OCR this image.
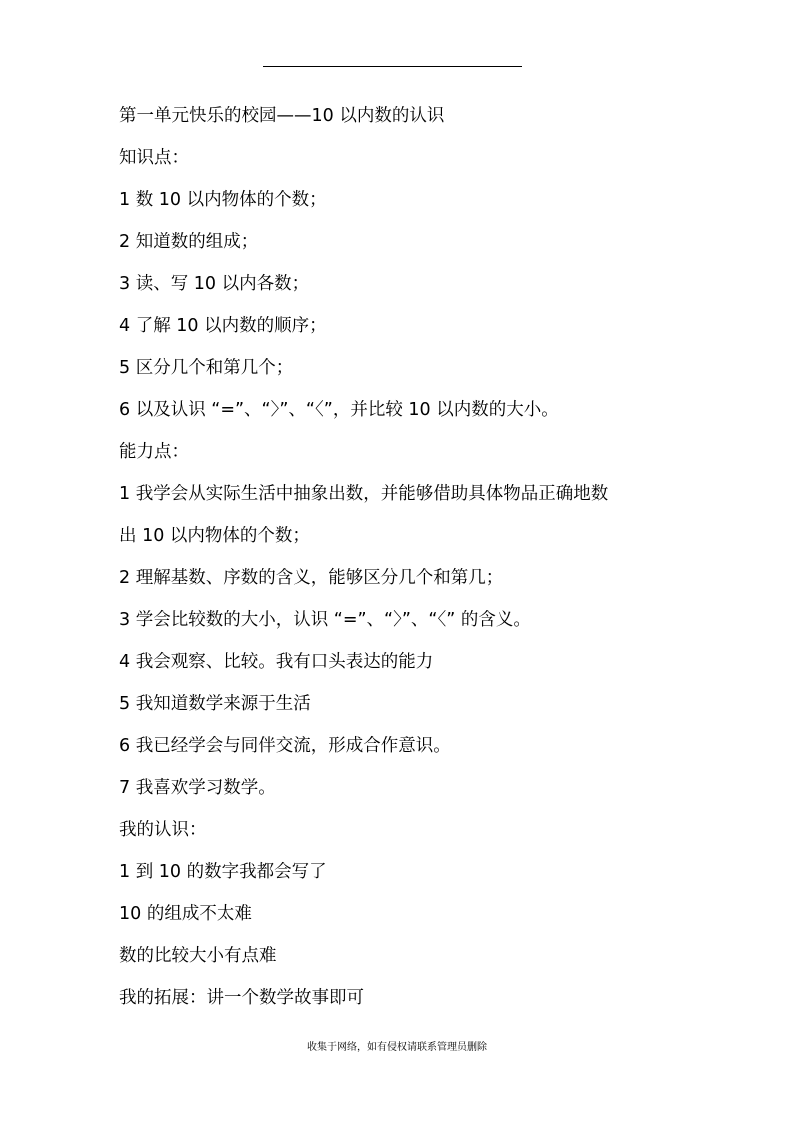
第一单元快乐的校园——10 以内数的认识
知识点：
1 数 10 以内物体的个数；
2 知道数的组成；
3 读、写 10 以内各数；
4 了解 10 以内数的顺序；
5 区分几个和第几个；
6 以及认识 “=”、“〉”、“〈”，并比较 10 以内数的大小。
能力点：
1 我学会从实际生活中抽象出数，并能够借助具体物品正确地数
出 10 以内物体的个数；
2 理解基数、序数的含义，能够区分几个和第几；
3 学会比较数的大小，认识 “=”、“〉”、“〈” 的含义。
4 我会观察、比较。我有口头表达的能力
5 我知道数学来源于生活
6 我已经学会与同伴交流，形成合作意识。
7 我喜欢学习数学。
我的认识：
1 到 10 的数字我都会写了
10 的组成不太难
数的比较大小有点难
我的拓展：讲一个数学故事即可
收集于网络，如有侵权请联系管理员删除
